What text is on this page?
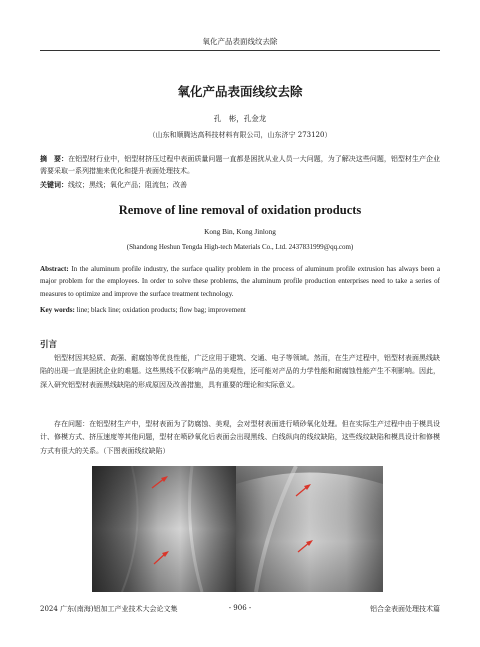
氧化产品表面线纹去除
氧化产品表面线纹去除
孔　彬，孔金龙
（山东和顺腾达高科技材料有限公司，山东济宁 273120）
摘　要：在铝型材行业中，铝型材挤压过程中表面质量问题一直都是困扰从业人员一大问题，为了解决这些问题，铝型材生产企业需要采取一系列措施来优化和提升表面处理技术。
关键词：线纹；黑线；氧化产品；阻流包；改善
Remove of line removal of oxidation products
Kong Bin, Kong Jinlong
(Shandong Heshun Tengda High-tech Materials Co., Ltd. 2437831999@qq.com)
Abstract: In the aluminum profile industry, the surface quality problem in the process of aluminum profile extrusion has always been a major problem for the employees. In order to solve these problems, the aluminum profile production enterprises need to take a series of measures to optimize and improve the surface treatment technology.
Key words: line; black line; oxidation products; flow bag; improvement
引言
铝型材因其轻质、高强、耐腐蚀等优良性能，广泛应用于建筑、交通、电子等领域。然而，在生产过程中，铝型材表面黑线缺陷的出现一直是困扰企业的难题。这些黑线不仅影响产品的美观性，还可能对产品的力学性能和耐腐蚀性能产生不利影响。因此，深入研究铝型材表面黑线缺陷的形成原因及改善措施，具有重要的理论和实际意义。
存在问题：在铝型材生产中，型材表面为了防腐蚀、美观，会对型材表面进行喷砂氧化处理。但在实际生产过程中由于模具设计、修模方式、挤压速度等其他问题，型材在喷砂氧化后表面会出现黑线、白线纵向的线纹缺陷，这些线纹缺陷和模具设计和修模方式有很大的关系。（下图表面线纹缺陷）
2024 广东(南海)铝加工产业技术大会论文集	- 906 -	铝合金表面处理技术篇
